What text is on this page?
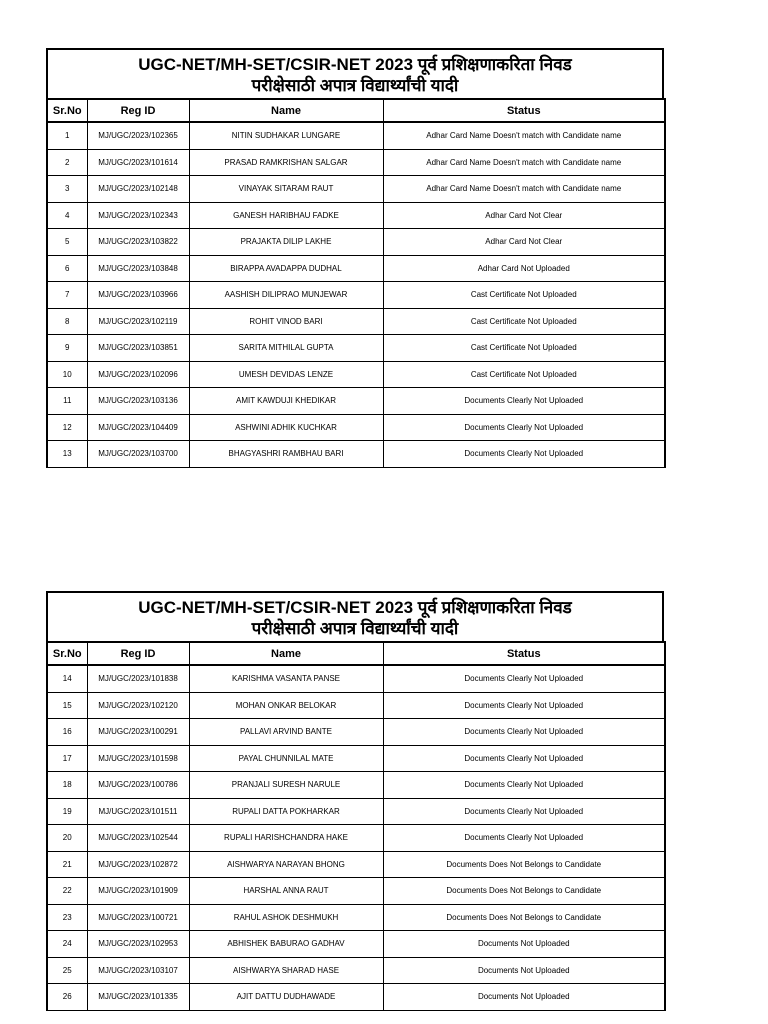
UGC-NET/MH-SET/CSIR-NET 2023 पूर्व प्रशिक्षणाकरिता निवड परीक्षेसाठी अपात्र विद्यार्थ्यांची यादी
Sr.No	Reg ID	Name	Status
1	MJ/UGC/2023/102365	NITIN SUDHAKAR LUNGARE	Adhar Card Name Doesn't match with Candidate name
2	MJ/UGC/2023/101614	PRASAD RAMKRISHAN SALGAR	Adhar Card Name Doesn't match with Candidate name
3	MJ/UGC/2023/102148	VINAYAK SITARAM RAUT	Adhar Card Name Doesn't match with Candidate name
4	MJ/UGC/2023/102343	GANESH HARIBHAU FADKE	Adhar Card Not Clear
5	MJ/UGC/2023/103822	PRAJAKTA DILIP LAKHE	Adhar Card Not Clear
6	MJ/UGC/2023/103848	BIRAPPA AVADAPPA DUDHAL	Adhar Card Not Uploaded
7	MJ/UGC/2023/103966	AASHISH DILIPRAO MUNJEWAR	Cast Certificate Not Uploaded
8	MJ/UGC/2023/102119	ROHIT VINOD BARI	Cast Certificate Not Uploaded
9	MJ/UGC/2023/103851	SARITA MITHILAL GUPTA	Cast Certificate Not Uploaded
10	MJ/UGC/2023/102096	UMESH DEVIDAS LENZE	Cast Certificate Not Uploaded
11	MJ/UGC/2023/103136	AMIT KAWDUJI KHEDIKAR	Documents Clearly Not Uploaded
12	MJ/UGC/2023/104409	ASHWINI ADHIK KUCHKAR	Documents Clearly Not Uploaded
13	MJ/UGC/2023/103700	BHAGYASHRI RAMBHAU BARI	Documents Clearly Not Uploaded
UGC-NET/MH-SET/CSIR-NET 2023 पूर्व प्रशिक्षणाकरिता निवड परीक्षेसाठी अपात्र विद्यार्थ्यांची यादी
Sr.No	Reg ID	Name	Status
14	MJ/UGC/2023/101838	KARISHMA VASANTA PANSE	Documents Clearly Not Uploaded
15	MJ/UGC/2023/102120	MOHAN ONKAR BELOKAR	Documents Clearly Not Uploaded
16	MJ/UGC/2023/100291	PALLAVI ARVIND BANTE	Documents Clearly Not Uploaded
17	MJ/UGC/2023/101598	PAYAL CHUNNILAL MATE	Documents Clearly Not Uploaded
18	MJ/UGC/2023/100786	PRANJALI SURESH NARULE	Documents Clearly Not Uploaded
19	MJ/UGC/2023/101511	RUPALI DATTA POKHARKAR	Documents Clearly Not Uploaded
20	MJ/UGC/2023/102544	RUPALI HARISHCHANDRA HAKE	Documents Clearly Not Uploaded
21	MJ/UGC/2023/102872	AISHWARYA NARAYAN BHONG	Documents Does Not Belongs to Candidate
22	MJ/UGC/2023/101909	HARSHAL ANNA RAUT	Documents Does Not Belongs to Candidate
23	MJ/UGC/2023/100721	RAHUL ASHOK DESHMUKH	Documents Does Not Belongs to Candidate
24	MJ/UGC/2023/102953	ABHISHEK BABURAO GADHAV	Documents Not Uploaded
25	MJ/UGC/2023/103107	AISHWARYA SHARAD HASE	Documents Not Uploaded
26	MJ/UGC/2023/101335	AJIT DATTU DUDHAWADE	Documents Not Uploaded
